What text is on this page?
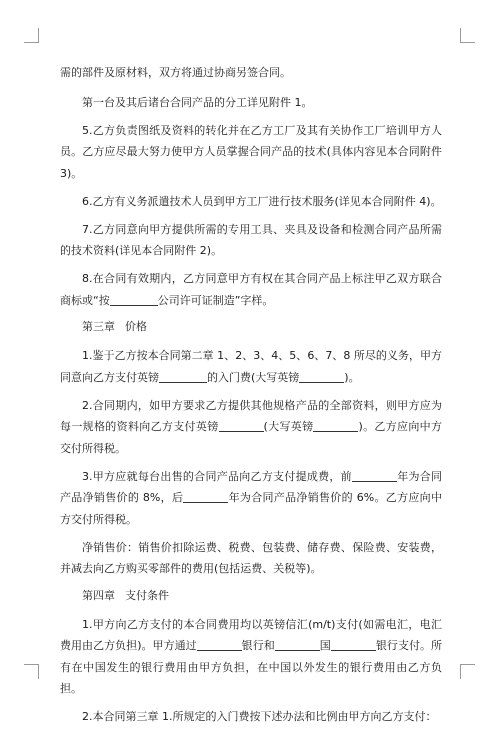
需的部件及原材料，双方将通过协商另签合同。

第一台及其后诸台合同产品的分工详见附件 1。

5.乙方负责图纸及资料的转化并在乙方工厂及其有关协作工厂培训甲方人员。乙方应尽最大努力使甲方人员掌握合同产品的技术(具体内容见本合同附件 3)。

6.乙方有义务派遣技术人员到甲方工厂进行技术服务(详见本合同附件 4)。

7.乙方同意向甲方提供所需的专用工具、夹具及设备和检测合同产品所需的技术资料(详见本合同附件 2)。

8.在合同有效期内，乙方同意甲方有权在其合同产品上标注甲乙双方联合商标或“按	公司许可证制造”字样。

第三章 价格

1.鉴于乙方按本合同第二章 1、2、3、4、5、6、7、8 所尽的义务，甲方同意向乙方支付英镑	的入门费(大写英镑	)。

2.合同期内，如甲方要求乙方提供其他规格产品的全部资料，则甲方应为每一规格的资料向乙方支付英镑	(大写英镑	)。乙方应向中方交付所得税。

3.甲方应就每台出售的合同产品向乙方支付提成费，前	年为合同产品净销售价的 8%，后	年为合同产品净销售价的 6%。乙方应向中方交付所得税。

净销售价：销售价扣除运费、税费、包装费、储存费、保险费、安装费，并减去向乙方购买零部件的费用(包括运费、关税等)。

第四章 支付条件

1.甲方向乙方支付的本合同费用均以英镑信汇(m/t)支付(如需电汇，电汇费用由乙方负担)。甲方通过	银行和	国	银行支付。所有在中国发生的银行费用由甲方负担，在中国以外发生的银行费用由乙方负担。

2.本合同第三章 1.所规定的入门费按下述办法和比例由甲方向乙方支付：
